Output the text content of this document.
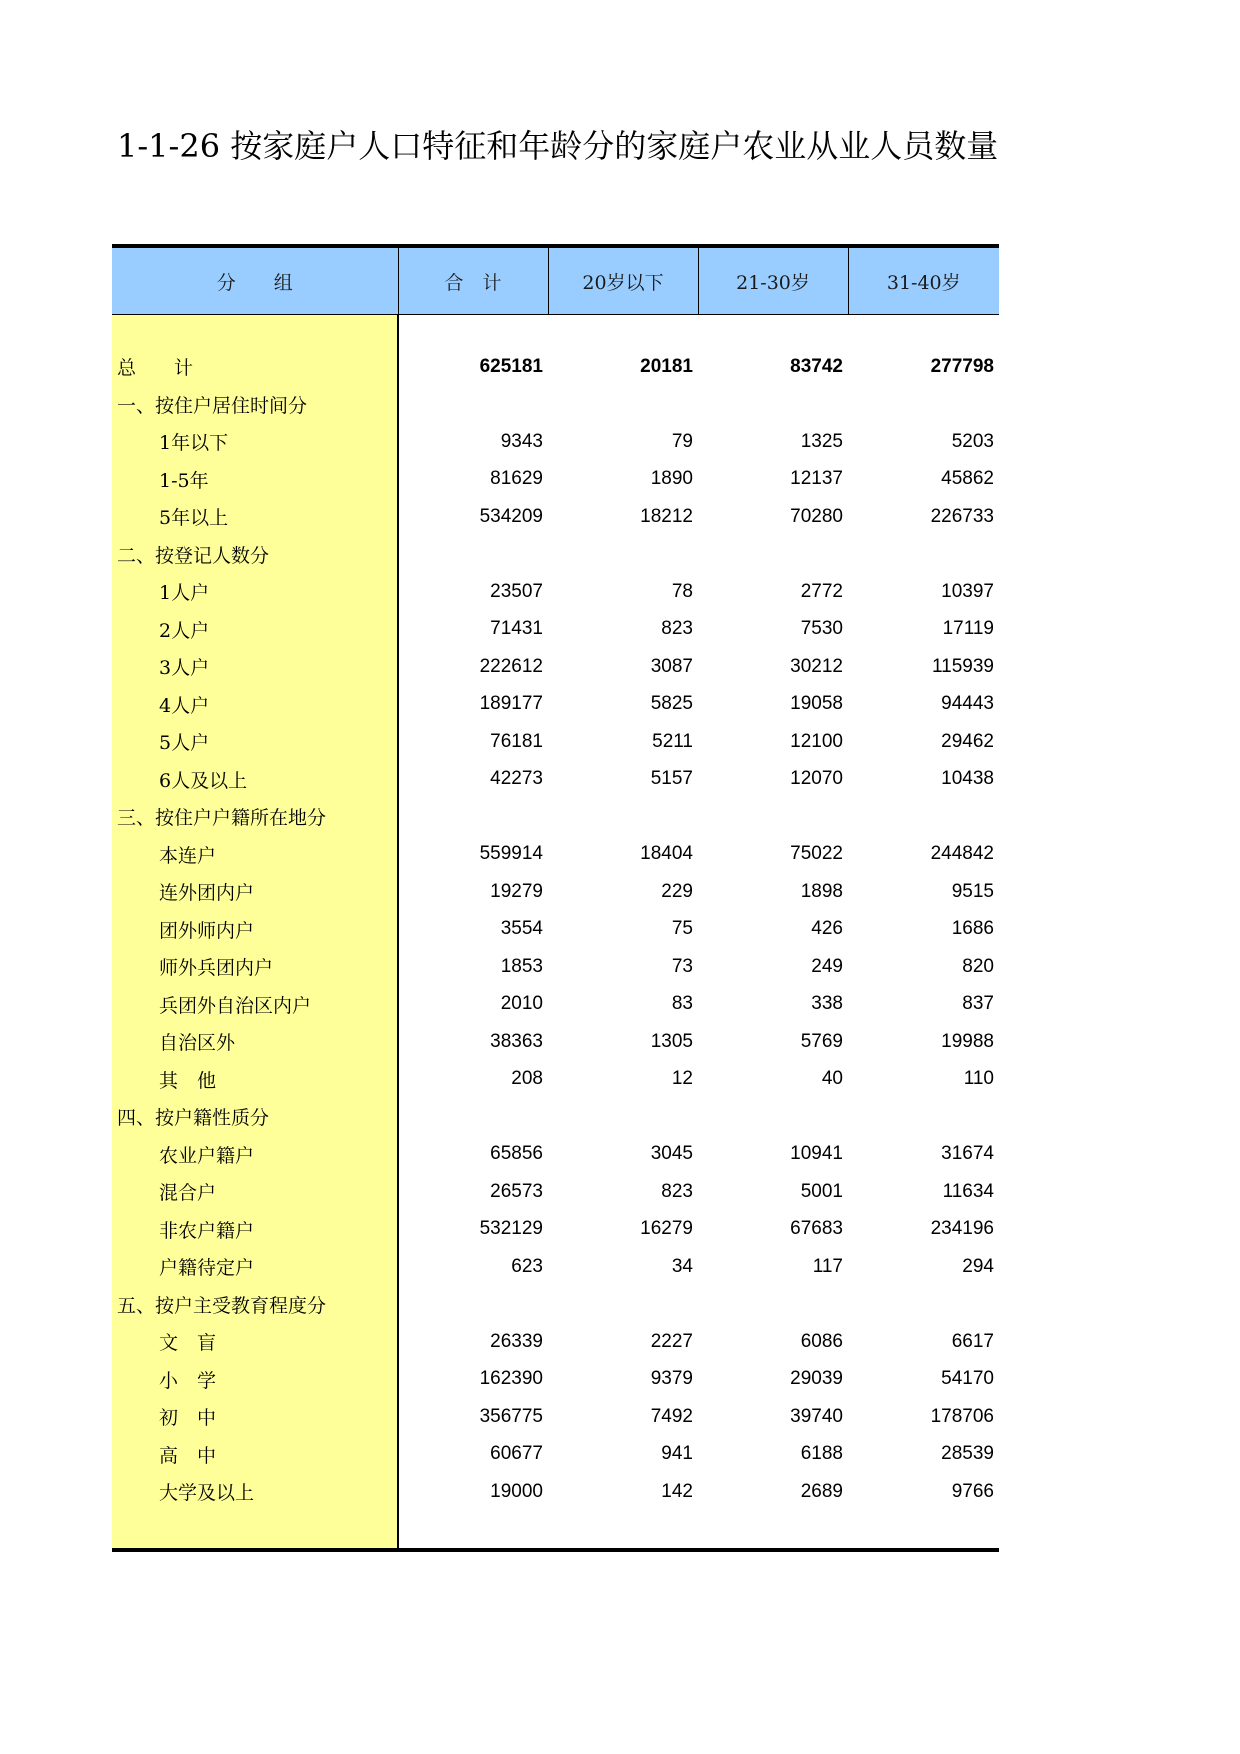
1-1-26 按家庭户人口特征和年龄分的家庭户农业从业人员数量
分　　组	合　计	20岁以下	21-30岁	31-40岁

总　　计	625181	20181	83742	277798
一、按住户居住时间分				
1年以下	9343	79	1325	5203
1-5年	81629	1890	12137	45862
5年以上	534209	18212	70280	226733
二、按登记人数分				
1人户	23507	78	2772	10397
2人户	71431	823	7530	17119
3人户	222612	3087	30212	115939
4人户	189177	5825	19058	94443
5人户	76181	5211	12100	29462
6人及以上	42273	5157	12070	10438
三、按住户户籍所在地分				
本连户	559914	18404	75022	244842
连外团内户	19279	229	1898	9515
团外师内户	3554	75	426	1686
师外兵团内户	1853	73	249	820
兵团外自治区内户	2010	83	338	837
自治区外	38363	1305	5769	19988
其　他	208	12	40	110
四、按户籍性质分				
农业户籍户	65856	3045	10941	31674
混合户	26573	823	5001	11634
非农户籍户	532129	16279	67683	234196
户籍待定户	623	34	117	294
五、按户主受教育程度分				
文　盲	26339	2227	6086	6617
小　学	162390	9379	29039	54170
初　中	356775	7492	39740	178706
高　中	60677	941	6188	28539
大学及以上	19000	142	2689	9766
